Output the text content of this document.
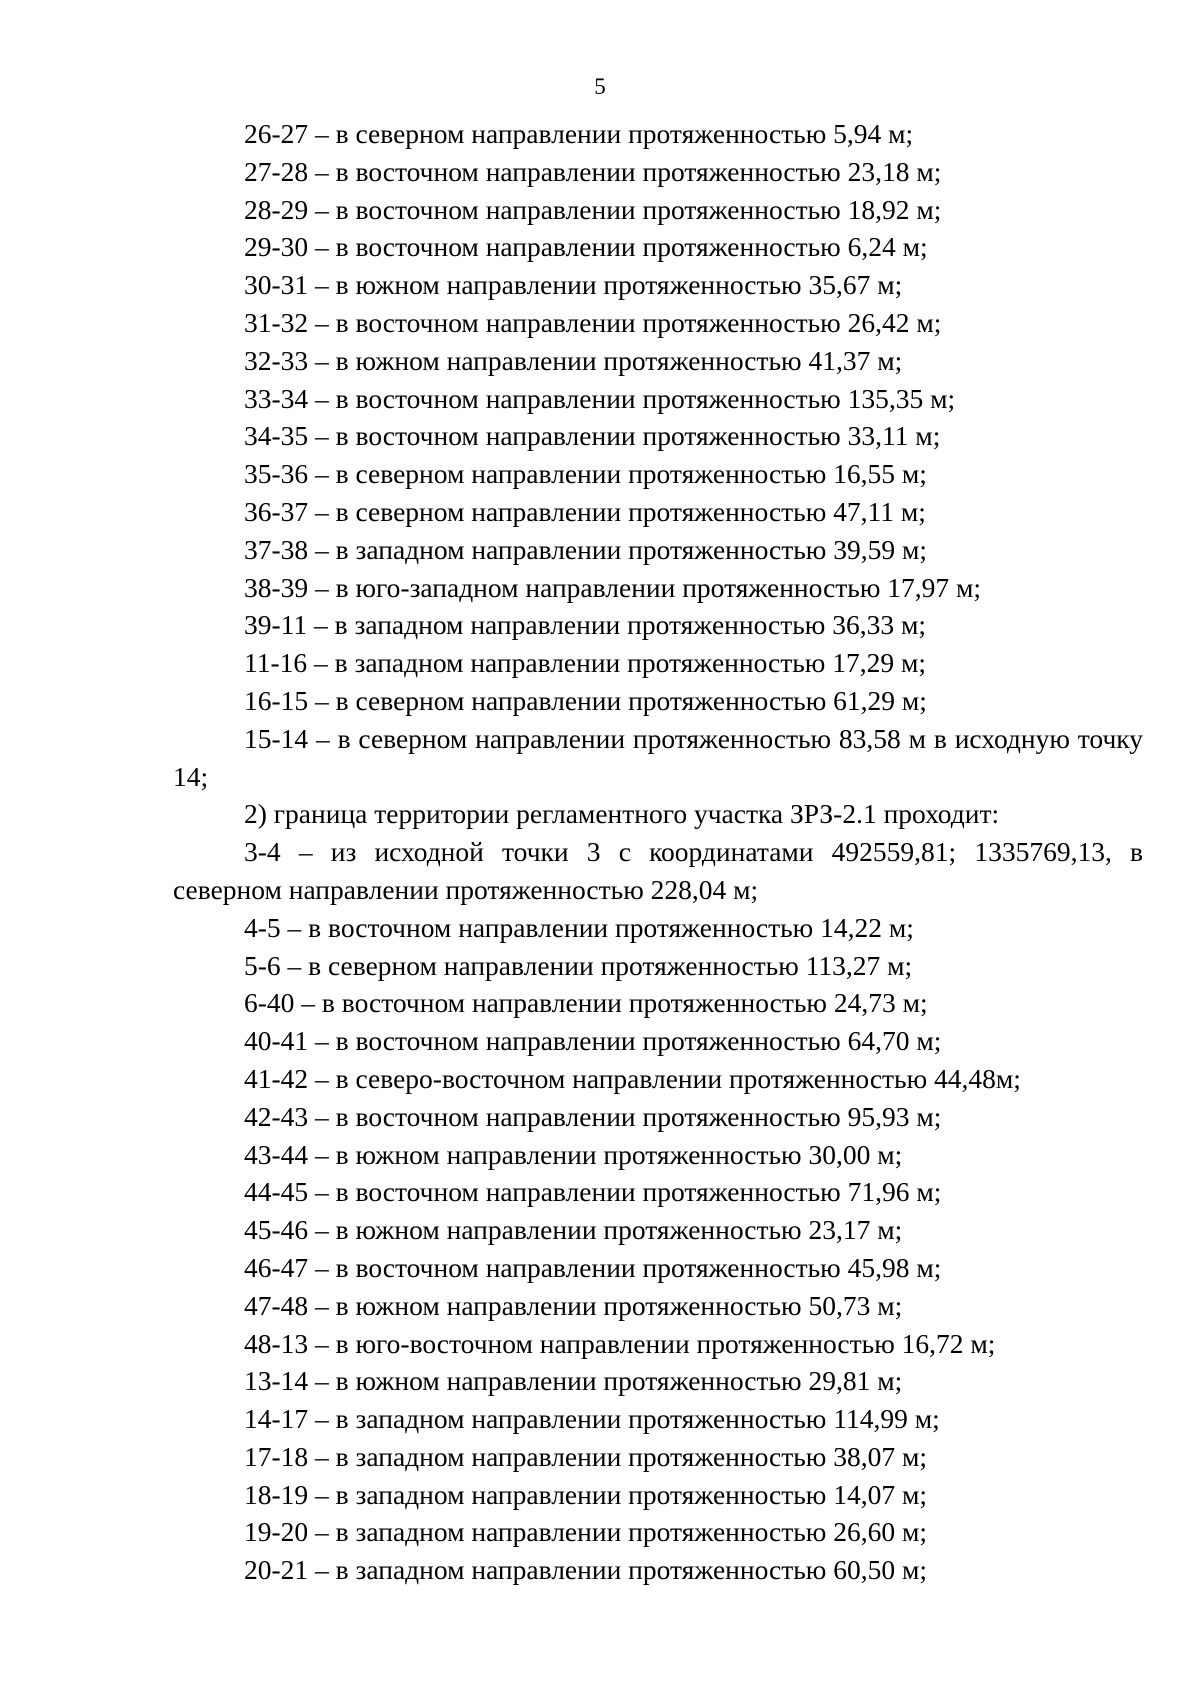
5

26-27 – в северном направлении протяженностью 5,94 м;

27-28 – в восточном направлении протяженностью 23,18 м;

28-29 – в восточном направлении протяженностью 18,92 м;

29-30 – в восточном направлении протяженностью 6,24 м;

30-31 – в южном направлении протяженностью 35,67 м;

31-32 – в восточном направлении протяженностью 26,42 м;

32-33 – в южном направлении протяженностью 41,37 м;

33-34 – в восточном направлении протяженностью 135,35 м;

34-35 – в восточном направлении протяженностью 33,11 м;

35-36 – в северном направлении протяженностью 16,55 м;

36-37 – в северном направлении протяженностью 47,11 м;

37-38 – в западном направлении протяженностью 39,59 м;

38-39 – в юго-западном направлении протяженностью 17,97 м;

39-11 – в западном направлении протяженностью 36,33 м;

11-16 – в западном направлении протяженностью 17,29 м;

16-15 – в северном направлении протяженностью 61,29 м;

15-14 – в северном направлении протяженностью 83,58 м в исходную точку 14;

2) граница территории регламентного участка ЗРЗ-2.1 проходит:

3-4 – из исходной точки 3 с координатами 492559,81; 1335769,13, в северном направлении протяженностью 228,04 м;

4-5 – в восточном направлении протяженностью 14,22 м;

5-6 – в северном направлении протяженностью 113,27 м;

6-40 – в восточном направлении протяженностью 24,73 м;

40-41 – в восточном направлении протяженностью 64,70 м;

41-42 – в северо-восточном направлении протяженностью 44,48м;

42-43 – в восточном направлении протяженностью 95,93 м;

43-44 – в южном направлении протяженностью 30,00 м;

44-45 – в восточном направлении протяженностью 71,96 м;

45-46 – в южном направлении протяженностью 23,17 м;

46-47 – в восточном направлении протяженностью 45,98 м;

47-48 – в южном направлении протяженностью 50,73 м;

48-13 – в юго-восточном направлении протяженностью 16,72 м;

13-14 – в южном направлении протяженностью 29,81 м;

14-17 – в западном направлении протяженностью 114,99 м;

17-18 – в западном направлении протяженностью 38,07 м;

18-19 – в западном направлении протяженностью 14,07 м;

19-20 – в западном направлении протяженностью 26,60 м;

20-21 – в западном направлении протяженностью 60,50 м;
